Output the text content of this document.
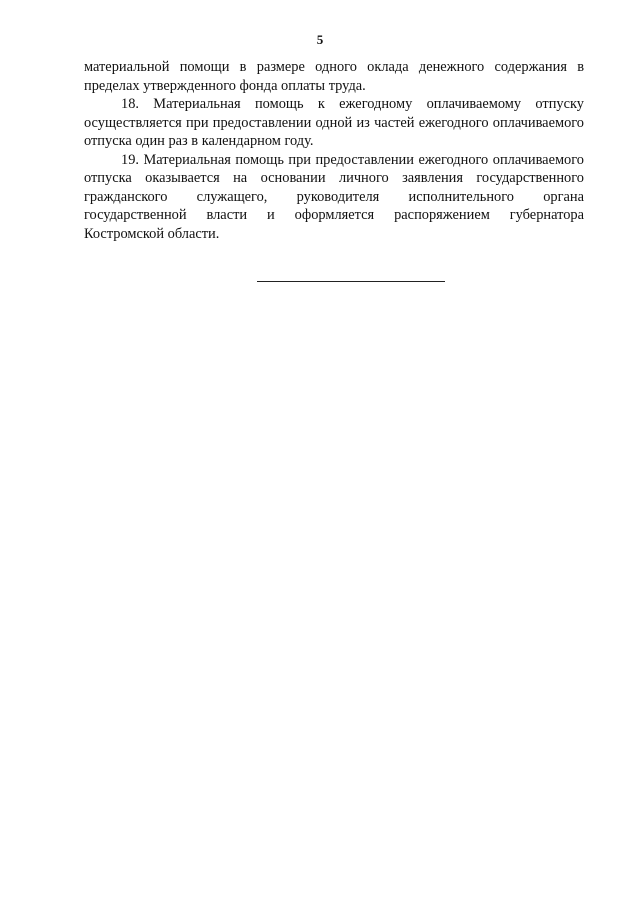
5

материальной помощи в размере одного оклада денежного содержания в пределах утвержденного фонда оплаты труда.

18. Материальная помощь к ежегодному оплачиваемому отпуску осуществляется при предоставлении одной из частей ежегодного оплачиваемого отпуска один раз в календарном году.

19. Материальная помощь при предоставлении ежегодного оплачиваемого отпуска оказывается на основании личного заявления государственного гражданского служащего, руководителя исполнительного органа государственной власти и оформляется распоряжением губернатора Костромской области.
